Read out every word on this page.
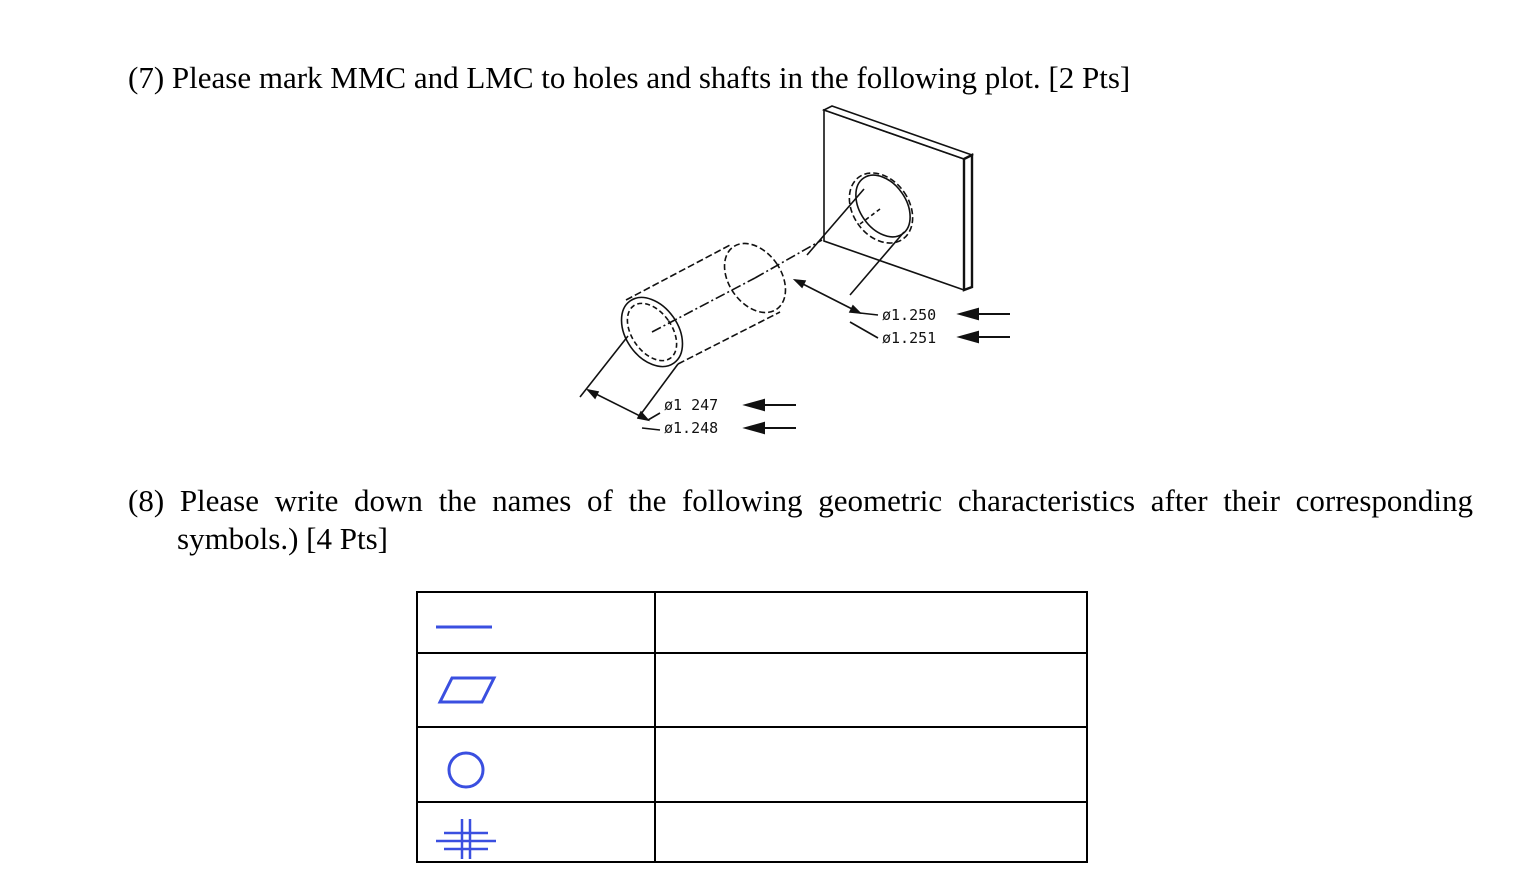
(7) Please mark MMC and LMC to holes and shafts in the following plot. [2 Pts]
ø1.250
ø1.251
ø1 247
ø1.248
(8) Please write down the names of the following geometric characteristics after their corresponding
symbols.) [4 Pts]
